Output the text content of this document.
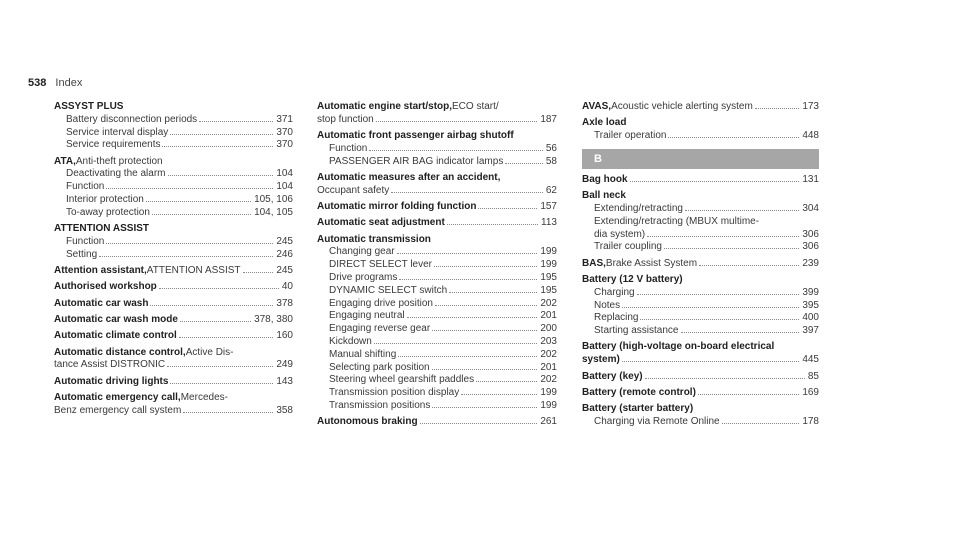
538 Index
ASSYST PLUS
Battery disconnection periods	371
Service interval display	370
Service requirements	370
ATA, Anti-theft protection
Deactivating the alarm	104
Function	104
Interior protection	105, 106
To‑away protection	104, 105
ATTENTION ASSIST
Function	245
Setting	246
Attention assistant, ATTENTION ASSIST	245
Authorised workshop	40
Automatic car wash	378
Automatic car wash mode	378, 380
Automatic climate control	160
Automatic distance control, Active Dis-
tance Assist DISTRONIC	249
Automatic driving lights	143
Automatic emergency call, Mercedes-
Benz emergency call system	358
Automatic engine start/stop, ECO start/
stop function	187
Automatic front passenger airbag shutoff
Function	56
PASSENGER AIR BAG indicator lamps	58
Automatic measures after an accident,
Occupant safety	62
Automatic mirror folding function	157
Automatic seat adjustment	113
Automatic transmission
Changing gear	199
DIRECT SELECT lever	199
Drive programs	195
DYNAMIC SELECT switch	195
Engaging drive position	202
Engaging neutral	201
Engaging reverse gear	200
Kickdown	203
Manual shifting	202
Selecting park position	201
Steering wheel gearshift paddles	202
Transmission position display	199
Transmission positions	199
Autonomous braking	261
AVAS, Acoustic vehicle alerting system	173
Axle load
Trailer operation	448
B
Bag hook	131
Ball neck
Extending/retracting	304
Extending/retracting (MBUX multime-
dia system)	306
Trailer coupling	306
BAS, Brake Assist System	239
Battery (12 V battery)
Charging	399
Notes	395
Replacing	400
Starting assistance	397
Battery (high-voltage on-board electrical
system)	445
Battery (key)	85
Battery (remote control)	169
Battery (starter battery)
Charging via Remote Online	178
